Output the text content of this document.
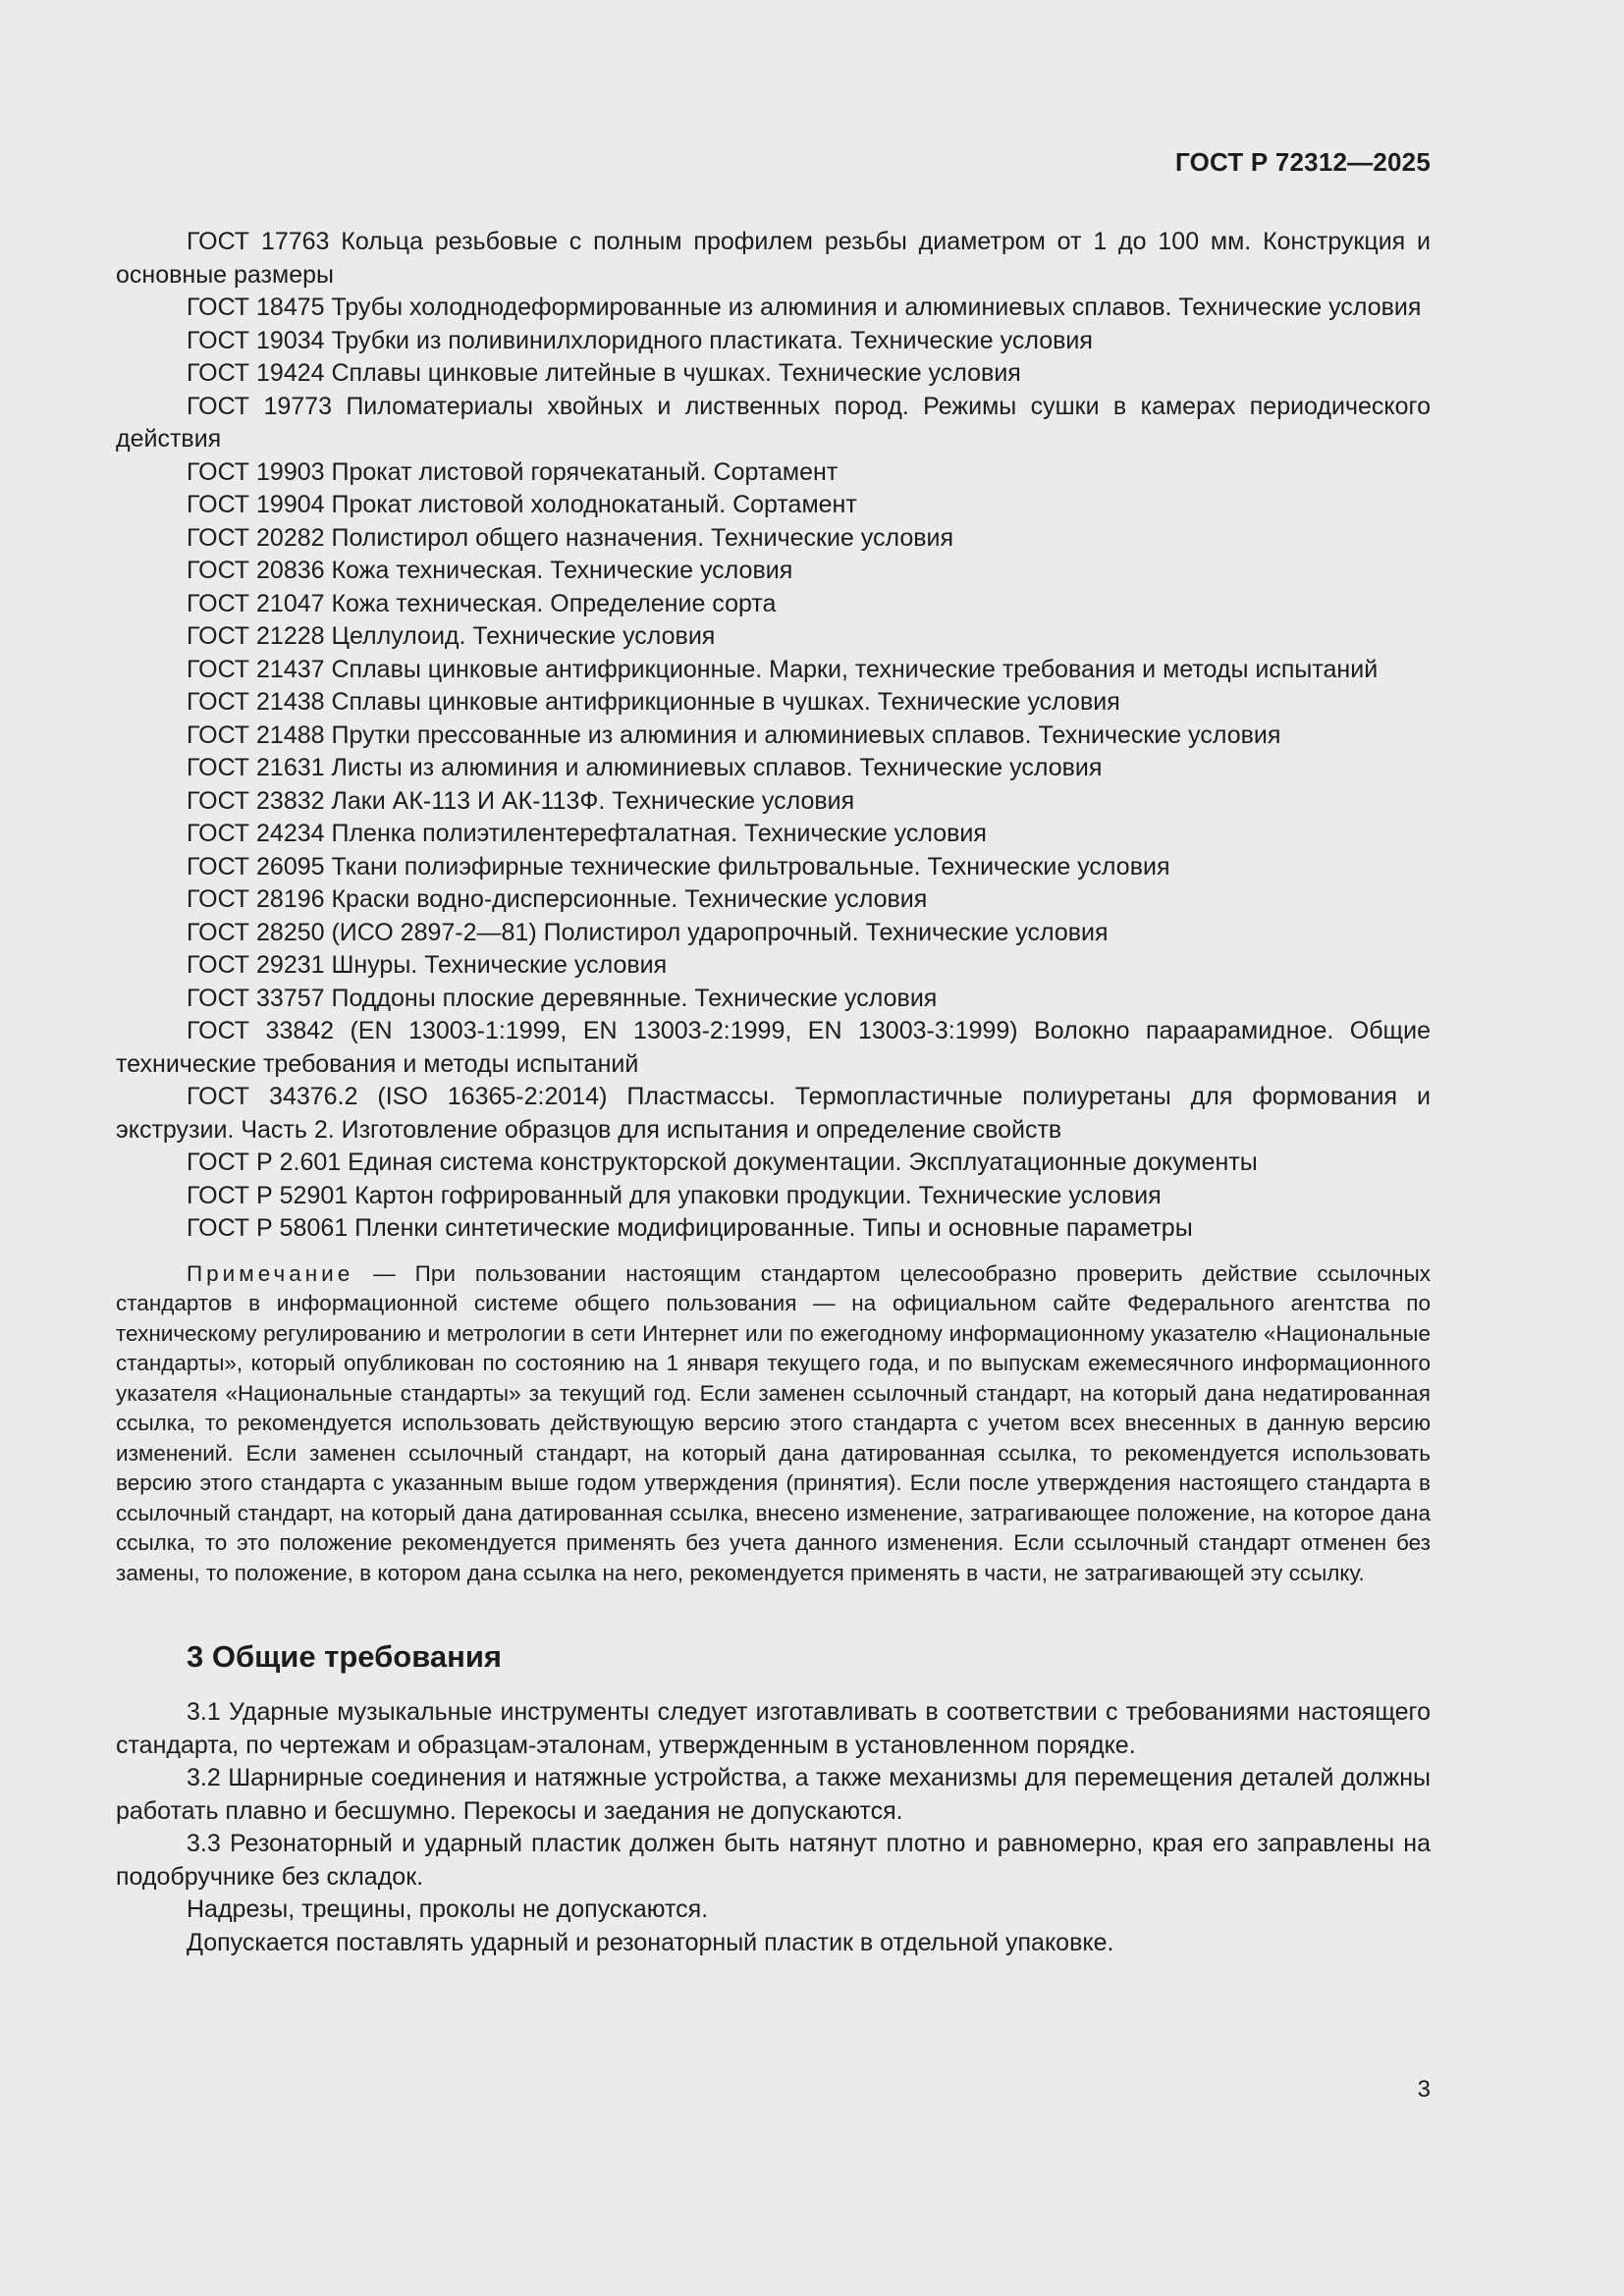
ГОСТ Р 72312—2025

ГОСТ 17763 Кольца резьбовые с полным профилем резьбы диаметром от 1 до 100 мм. Конструкция и основные размеры

ГОСТ 18475 Трубы холоднодеформированные из алюминия и алюминиевых сплавов. Технические условия

ГОСТ 19034 Трубки из поливинилхлоридного пластиката. Технические условия

ГОСТ 19424 Сплавы цинковые литейные в чушках. Технические условия

ГОСТ 19773 Пиломатериалы хвойных и лиственных пород. Режимы сушки в камерах периодического действия

ГОСТ 19903 Прокат листовой горячекатаный. Сортамент

ГОСТ 19904 Прокат листовой холоднокатаный. Сортамент

ГОСТ 20282 Полистирол общего назначения. Технические условия

ГОСТ 20836 Кожа техническая. Технические условия

ГОСТ 21047 Кожа техническая. Определение сорта

ГОСТ 21228 Целлулоид. Технические условия

ГОСТ 21437 Сплавы цинковые антифрикционные. Марки, технические требования и методы испытаний

ГОСТ 21438 Сплавы цинковые антифрикционные в чушках. Технические условия

ГОСТ 21488 Прутки прессованные из алюминия и алюминиевых сплавов. Технические условия

ГОСТ 21631 Листы из алюминия и алюминиевых сплавов. Технические условия

ГОСТ 23832 Лаки АК-113 И АК-113Ф. Технические условия

ГОСТ 24234 Пленка полиэтилентерефталатная. Технические условия

ГОСТ 26095 Ткани полиэфирные технические фильтровальные. Технические условия

ГОСТ 28196 Краски водно-дисперсионные. Технические условия

ГОСТ 28250 (ИСО 2897-2—81) Полистирол ударопрочный. Технические условия

ГОСТ 29231 Шнуры. Технические условия

ГОСТ 33757 Поддоны плоские деревянные. Технические условия

ГОСТ 33842 (EN 13003-1:1999, EN 13003-2:1999, EN 13003-3:1999) Волокно параарамидное. Общие технические требования и методы испытаний

ГОСТ 34376.2 (ISO 16365-2:2014) Пластмассы. Термопластичные полиуретаны для формования и экструзии. Часть 2. Изготовление образцов для испытания и определение свойств

ГОСТ Р 2.601 Единая система конструкторской документации. Эксплуатационные документы

ГОСТ Р 52901 Картон гофрированный для упаковки продукции. Технические условия

ГОСТ Р 58061 Пленки синтетические модифицированные. Типы и основные параметры

Примечание — При пользовании настоящим стандартом целесообразно проверить действие ссылочных стандартов в информационной системе общего пользования — на официальном сайте Федерального агентства по техническому регулированию и метрологии в сети Интернет или по ежегодному информационному указателю «Национальные стандарты», который опубликован по состоянию на 1 января текущего года, и по выпускам ежемесячного информационного указателя «Национальные стандарты» за текущий год. Если заменен ссылочный стандарт, на который дана недатированная ссылка, то рекомендуется использовать действующую версию этого стандарта с учетом всех внесенных в данную версию изменений. Если заменен ссылочный стандарт, на который дана датированная ссылка, то рекомендуется использовать версию этого стандарта с указанным выше годом утверждения (принятия). Если после утверждения настоящего стандарта в ссылочный стандарт, на который дана датированная ссылка, внесено изменение, затрагивающее положение, на которое дана ссылка, то это положение рекомендуется применять без учета данного изменения. Если ссылочный стандарт отменен без замены, то положение, в котором дана ссылка на него, рекомендуется применять в части, не затрагивающей эту ссылку.
3 Общие требования

3.1 Ударные музыкальные инструменты следует изготавливать в соответствии с требованиями настоящего стандарта, по чертежам и образцам-эталонам, утвержденным в установленном порядке.

3.2 Шарнирные соединения и натяжные устройства, а также механизмы для перемещения деталей должны работать плавно и бесшумно. Перекосы и заедания не допускаются.

3.3 Резонаторный и ударный пластик должен быть натянут плотно и равномерно, края его заправлены на подобручнике без складок.

Надрезы, трещины, проколы не допускаются.

Допускается поставлять ударный и резонаторный пластик в отдельной упаковке.

3
